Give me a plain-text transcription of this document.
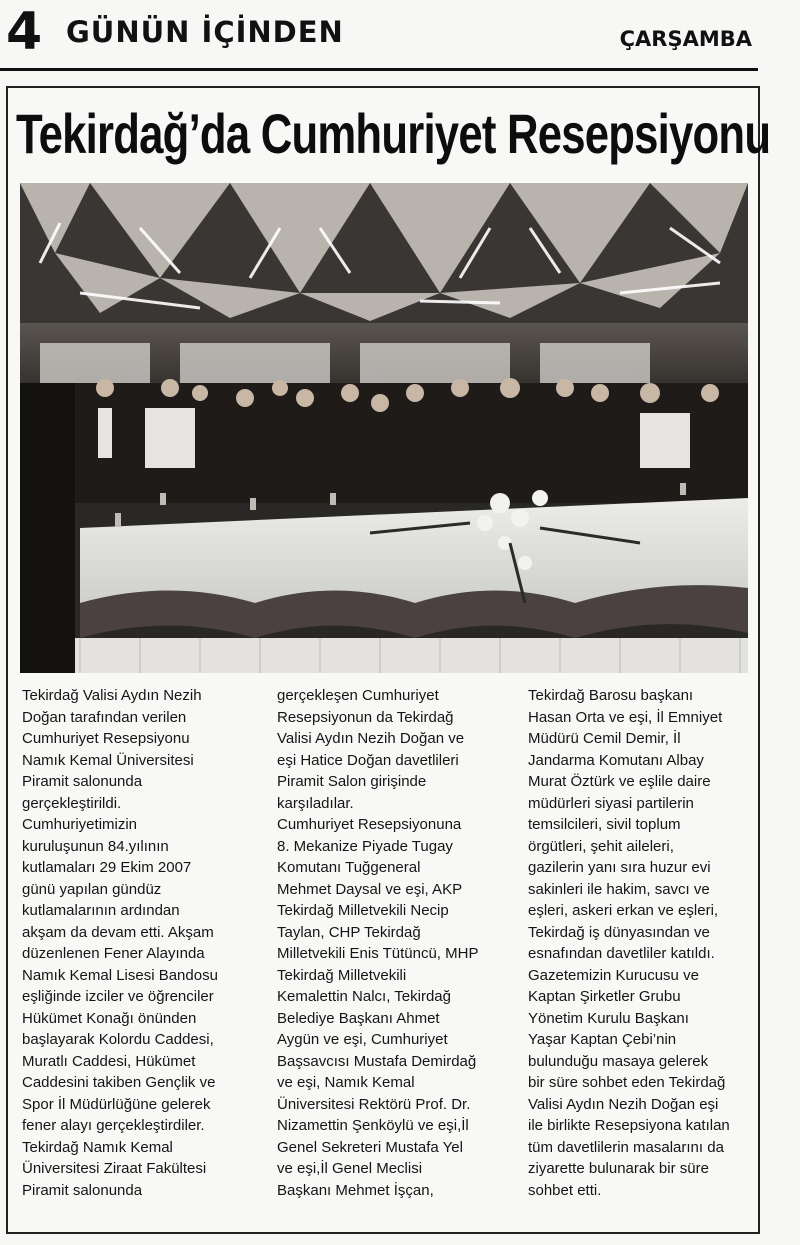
4 GÜNÜN İÇİNDEN	ÇARŞAMBA
Tekirdağ’da Cumhuriyet Resepsiyonu

Tekirdağ Valisi Aydın Nezih
Doğan tarafından verilen
Cumhuriyet Resepsiyonu
Namık Kemal Üniversitesi
Piramit salonunda
gerçekleştirildi.
Cumhuriyetimizin
kuruluşunun 84.yılının
kutlamaları 29 Ekim 2007
günü yapılan gündüz
kutlamalarının ardından
akşam da devam etti. Akşam
düzenlenen Fener Alayında
Namık Kemal Lisesi Bandosu
eşliğinde izciler ve öğrenciler
Hükümet Konağı önünden
başlayarak Kolordu Caddesi,
Muratlı Caddesi, Hükümet
Caddesini takiben Gençlik ve
Spor İl Müdürlüğüne gelerek
fener alayı gerçekleştirdiler.
Tekirdağ Namık Kemal
Üniversitesi Ziraat Fakültesi
Piramit salonunda

gerçekleşen Cumhuriyet
Resepsiyonun da Tekirdağ
Valisi Aydın Nezih Doğan ve
eşi Hatice Doğan davetlileri
Piramit Salon girişinde
karşıladılar.
Cumhuriyet Resepsiyonuna
8. Mekanize Piyade Tugay
Komutanı Tuğgeneral
Mehmet Daysal ve eşi, AKP
Tekirdağ Milletvekili Necip
Taylan, CHP Tekirdağ
Milletvekili Enis Tütüncü, MHP
Tekirdağ Milletvekili
Kemalettin Nalcı, Tekirdağ
Belediye Başkanı Ahmet
Aygün ve eşi, Cumhuriyet
Başsavcısı Mustafa Demirdağ
ve eşi, Namık Kemal
Üniversitesi Rektörü Prof. Dr.
Nizamettin Şenköylü ve eşi,İl
Genel Sekreteri Mustafa Yel
ve eşi,İl Genel Meclisi
Başkanı Mehmet İşçan,

Tekirdağ Barosu başkanı
Hasan Orta ve eşi, İl Emniyet
Müdürü Cemil Demir, İl
Jandarma Komutanı Albay
Murat Öztürk ve eşlile daire
müdürleri siyasi partilerin
temsilcileri, sivil toplum
örgütleri, şehit aileleri,
gazilerin yanı sıra huzur evi
sakinleri ile hakim, savcı ve
eşleri, askeri erkan ve eşleri,
Tekirdağ iş dünyasından ve
esnafından davetliler katıldı.
Gazetemizin Kurucusu ve
Kaptan Şirketler Grubu
Yönetim Kurulu Başkanı
Yaşar Kaptan Çebi’nin
bulunduğu masaya gelerek
bir süre sohbet eden Tekirdağ
Valisi Aydın Nezih Doğan eşi
ile birlikte Resepsiyona katılan
tüm davetlilerin masalarını da
ziyarette bulunarak bir süre
sohbet etti.
